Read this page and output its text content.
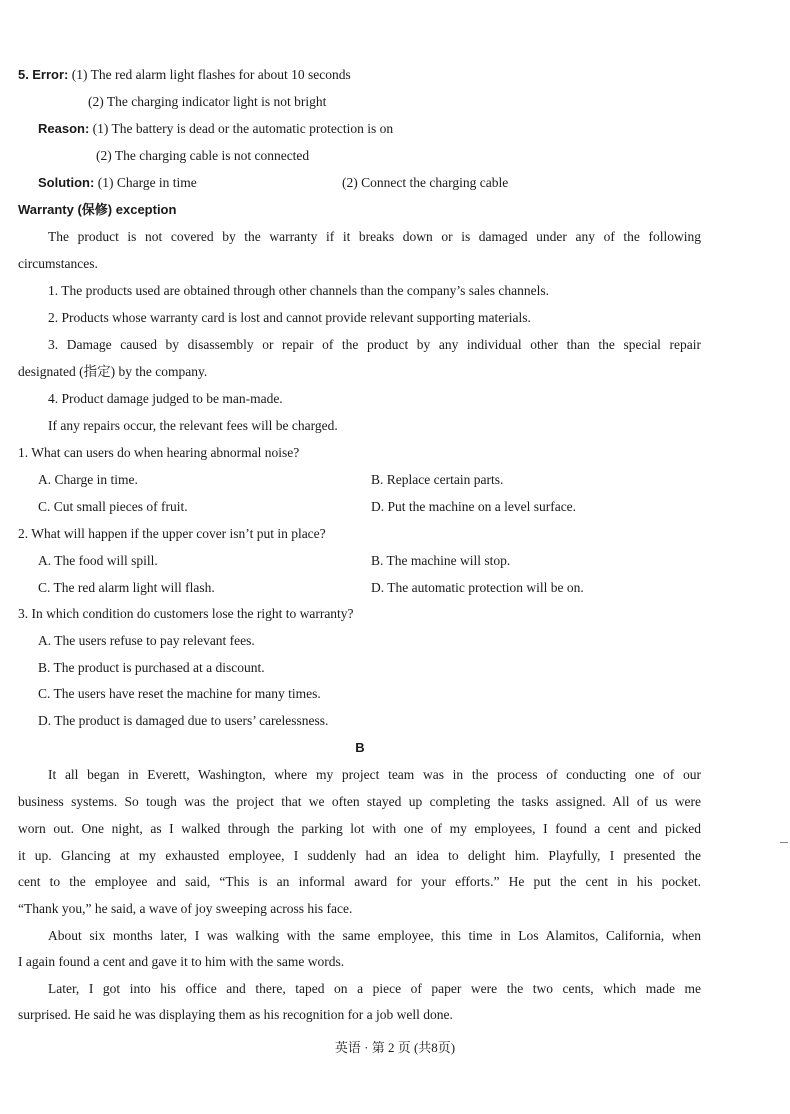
5. Error: (1) The red alarm light flashes for about 10 seconds
(2) The charging indicator light is not bright
Reason: (1) The battery is dead or the automatic protection is on
(2) The charging cable is not connected
Solution: (1) Charge in time	(2) Connect the charging cable
Warranty (保修) exception
The product is not covered by the warranty if it breaks down or is damaged under any of the following
circumstances.
1. The products used are obtained through other channels than the company’s sales channels.
2. Products whose warranty card is lost and cannot provide relevant supporting materials.
3. Damage caused by disassembly or repair of the product by any individual other than the special repair
designated (指定) by the company.
4. Product damage judged to be man-made.
If any repairs occur, the relevant fees will be charged.
1. What can users do when hearing abnormal noise?
A. Charge in time.	B. Replace certain parts.
C. Cut small pieces of fruit.	D. Put the machine on a level surface.
2. What will happen if the upper cover isn’t put in place?
A. The food will spill.	B. The machine will stop.
C. The red alarm light will flash.	D. The automatic protection will be on.
3. In which condition do customers lose the right to warranty?
A. The users refuse to pay relevant fees.
B. The product is purchased at a discount.
C. The users have reset the machine for many times.
D. The product is damaged due to users’ carelessness.
B
It all began in Everett, Washington, where my project team was in the process of conducting one of our
business systems. So tough was the project that we often stayed up completing the tasks assigned. All of us were
worn out. One night, as I walked through the parking lot with one of my employees, I found a cent and picked
it up. Glancing at my exhausted employee, I suddenly had an idea to delight him. Playfully, I presented the
cent to the employee and said, “This is an informal award for your efforts.” He put the cent in his pocket.
“Thank you,” he said, a wave of joy sweeping across his face.
About six months later, I was walking with the same employee, this time in Los Alamitos, California, when
I again found a cent and gave it to him with the same words.
Later, I got into his office and there, taped on a piece of paper were the two cents, which made me
surprised. He said he was displaying them as his recognition for a job well done.
英语 · 第 2 页 (共8页)
